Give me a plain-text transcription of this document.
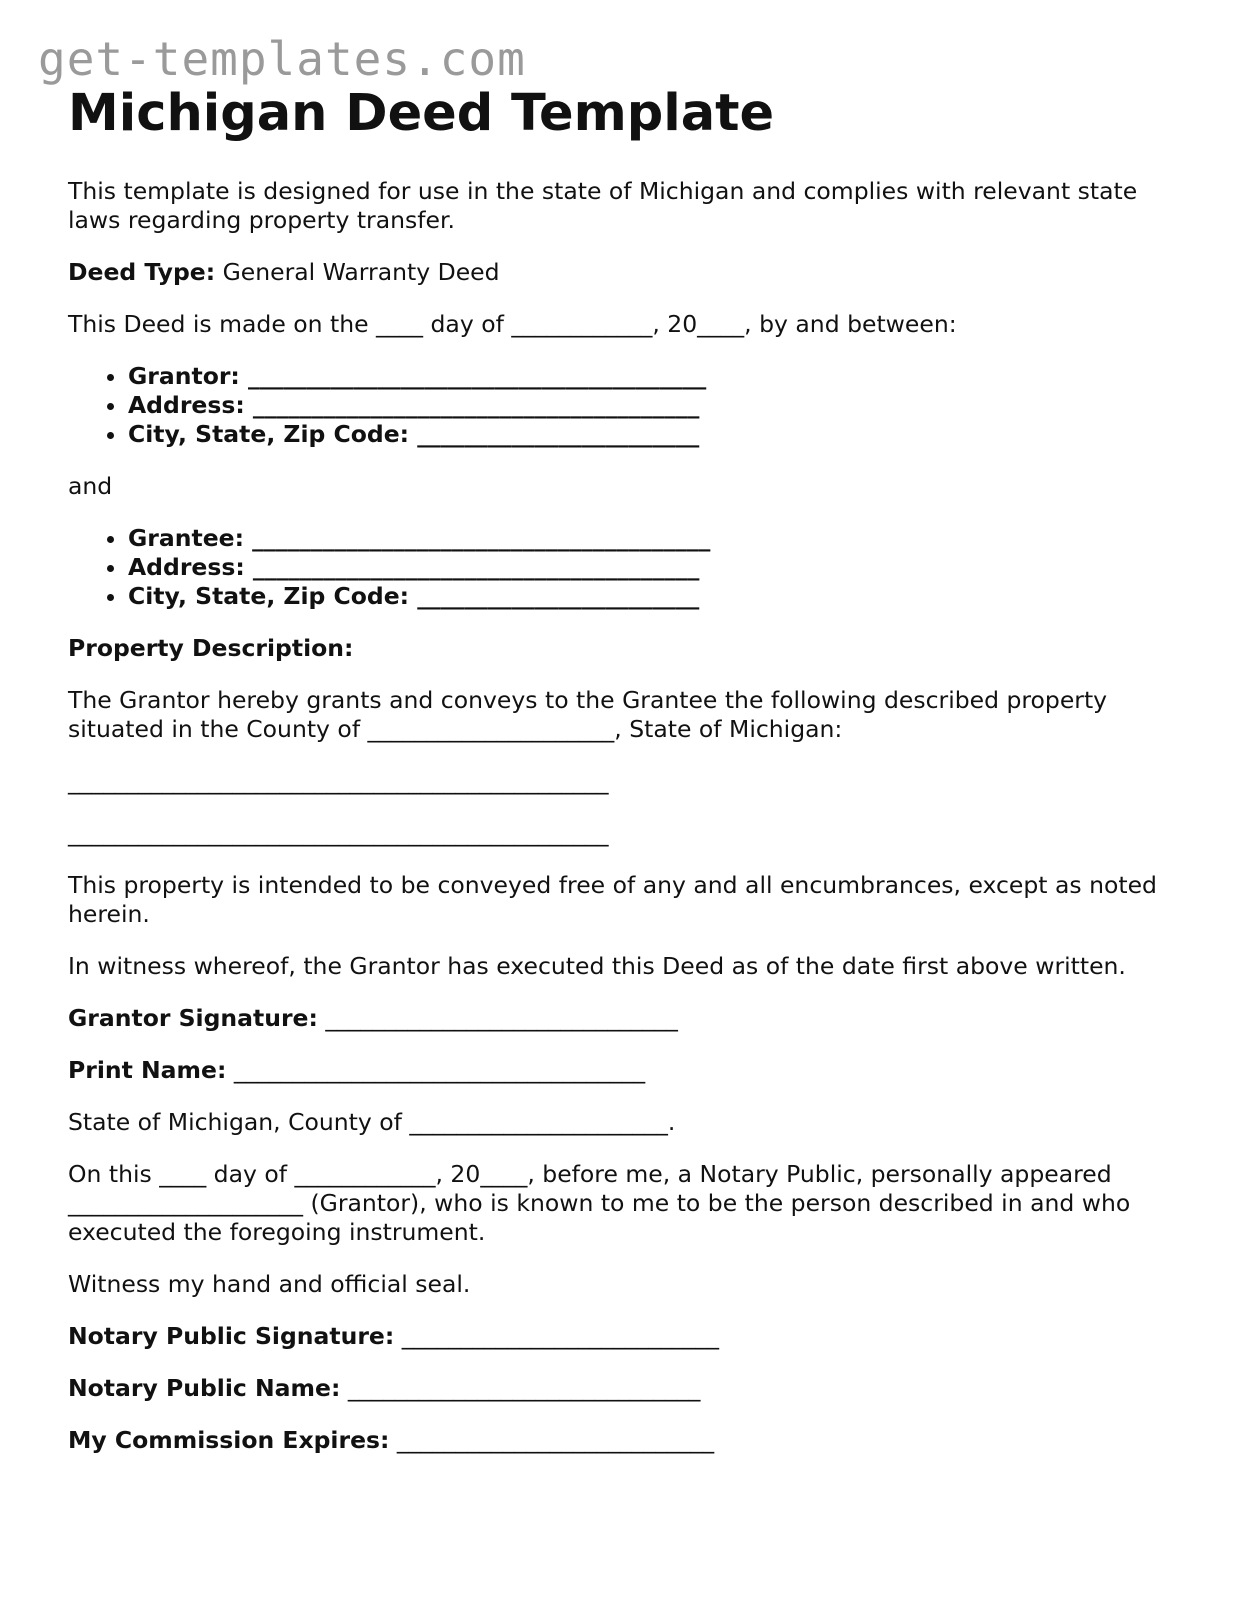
get-templates.com
Michigan Deed Template

This template is designed for use in the state of Michigan and complies with relevant state laws regarding property transfer.

Deed Type: General Warranty Deed

This Deed is made on the ____ day of ____________, 20____, by and between:

• Grantor: _______________________________________
• Address: ______________________________________
• City, State, Zip Code: ________________________

and

• Grantee: _______________________________________
• Address: ______________________________________
• City, State, Zip Code: ________________________

Property Description:

The Grantor hereby grants and conveys to the Grantee the following described property situated in the County of _____________________, State of Michigan:

______________________________________________

______________________________________________

This property is intended to be conveyed free of any and all encumbrances, except as noted herein.

In witness whereof, the Grantor has executed this Deed as of the date first above written.

Grantor Signature: ______________________________

Print Name: ___________________________________

State of Michigan, County of ______________________.

On this ____ day of ____________, 20____, before me, a Notary Public, personally appeared ____________________ (Grantor), who is known to me to be the person described in and who executed the foregoing instrument.

Witness my hand and official seal.

Notary Public Signature: ___________________________

Notary Public Name: ______________________________

My Commission Expires: ___________________________
